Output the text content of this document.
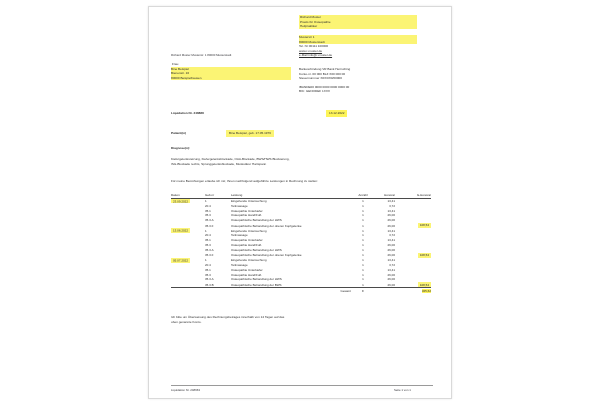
Richard Muster
Praxis für Osteopathie
Heilpraktiker
Musterstr 1
80000 Musterstadt
Tel. Nr 00111 100000
www.r-muster.de
e-Mail info@r-muster.de
Bankverbindung VR Bank Herrsching
Konto-nr. 00 000 BLZ X00 000 00
Steuernummer X0X/0X0/00000
IBANDE00 0000 0000 0000 0000 00
BIC: GENODEF 1XXX
Richard Muster Musterstr. 1 80000 Musterstadt
Frau
Bine Beispiel
Bienenstr. 16
80000 Beispielhausen
Liquidation Nr. 248888	13.12.2022
Patient(in)	Bine Beispiel, geb. 17.05.1976
Diagnose(n):
Kiefergelenksreizung, Kiefergelenksblockade, OAA-Blockade, BWS/HWS Blockierung,
ISG-Blockade rechts, Sprunggelenksblockade, Muskulärer Hartspann
Für meine Bemühungen erlaube ich mir, Ihnen nachfolgend aufgeführte Leistungen in Rechnung zu stellen:
Datum	Geb.nr	Leistung	Anzahl	Honorar	G-Honorar
23.09.2022	1	Eingehende Untersuchung	1	13,41	
	20.4	Teilmassage	1	3,72	
	35.1	Osteopathie Unterkiefer	1	13,41	
	35.3	Osteopathie Hand/Fuß	1	26,00	
	35.3.A	Osteopathische Behandlung der HWS	1	26,00	
	35.3.F	Osteopathische Behandlung der oberen Kopfgelenke	1	26,00	108,54
13.06.2022	1	Eingehende Untersuchung	1	13,41	
	20.4	Teilmassage	1	3,72	
	35.1	Osteopathie Unterkiefer	1	13,41	
	35.3	Osteopathie Hand/Fuß	1	26,00	
	35.3.A	Osteopathische Behandlung der HWS	1	26,00	
	35.3.F	Osteopathische Behandlung der oberen Kopfgelenke	1	26,00	108,54
05.07.2022	1	Eingehende Untersuchung	1	13,41	
	20.4	Teilmassage	1	3,72	
	35.1	Osteopathie Unterkiefer	1	13,41	
	35.3	Osteopathie Hand/Fuß	1	26,00	
	35.3.A	Osteopathische Behandlung der HWS	1	26,00	
	35.3.B	Osteopathische Behandlung der BWS	1	26,00	108,54
		Gesamt	€		325,62
Ich bitte um Überweisung des Rechnungsbetrages innerhalb von 14 Tagen auf das
oben genannte Konto.
Liquidation Nr. 248963	Seite 1 von 1
